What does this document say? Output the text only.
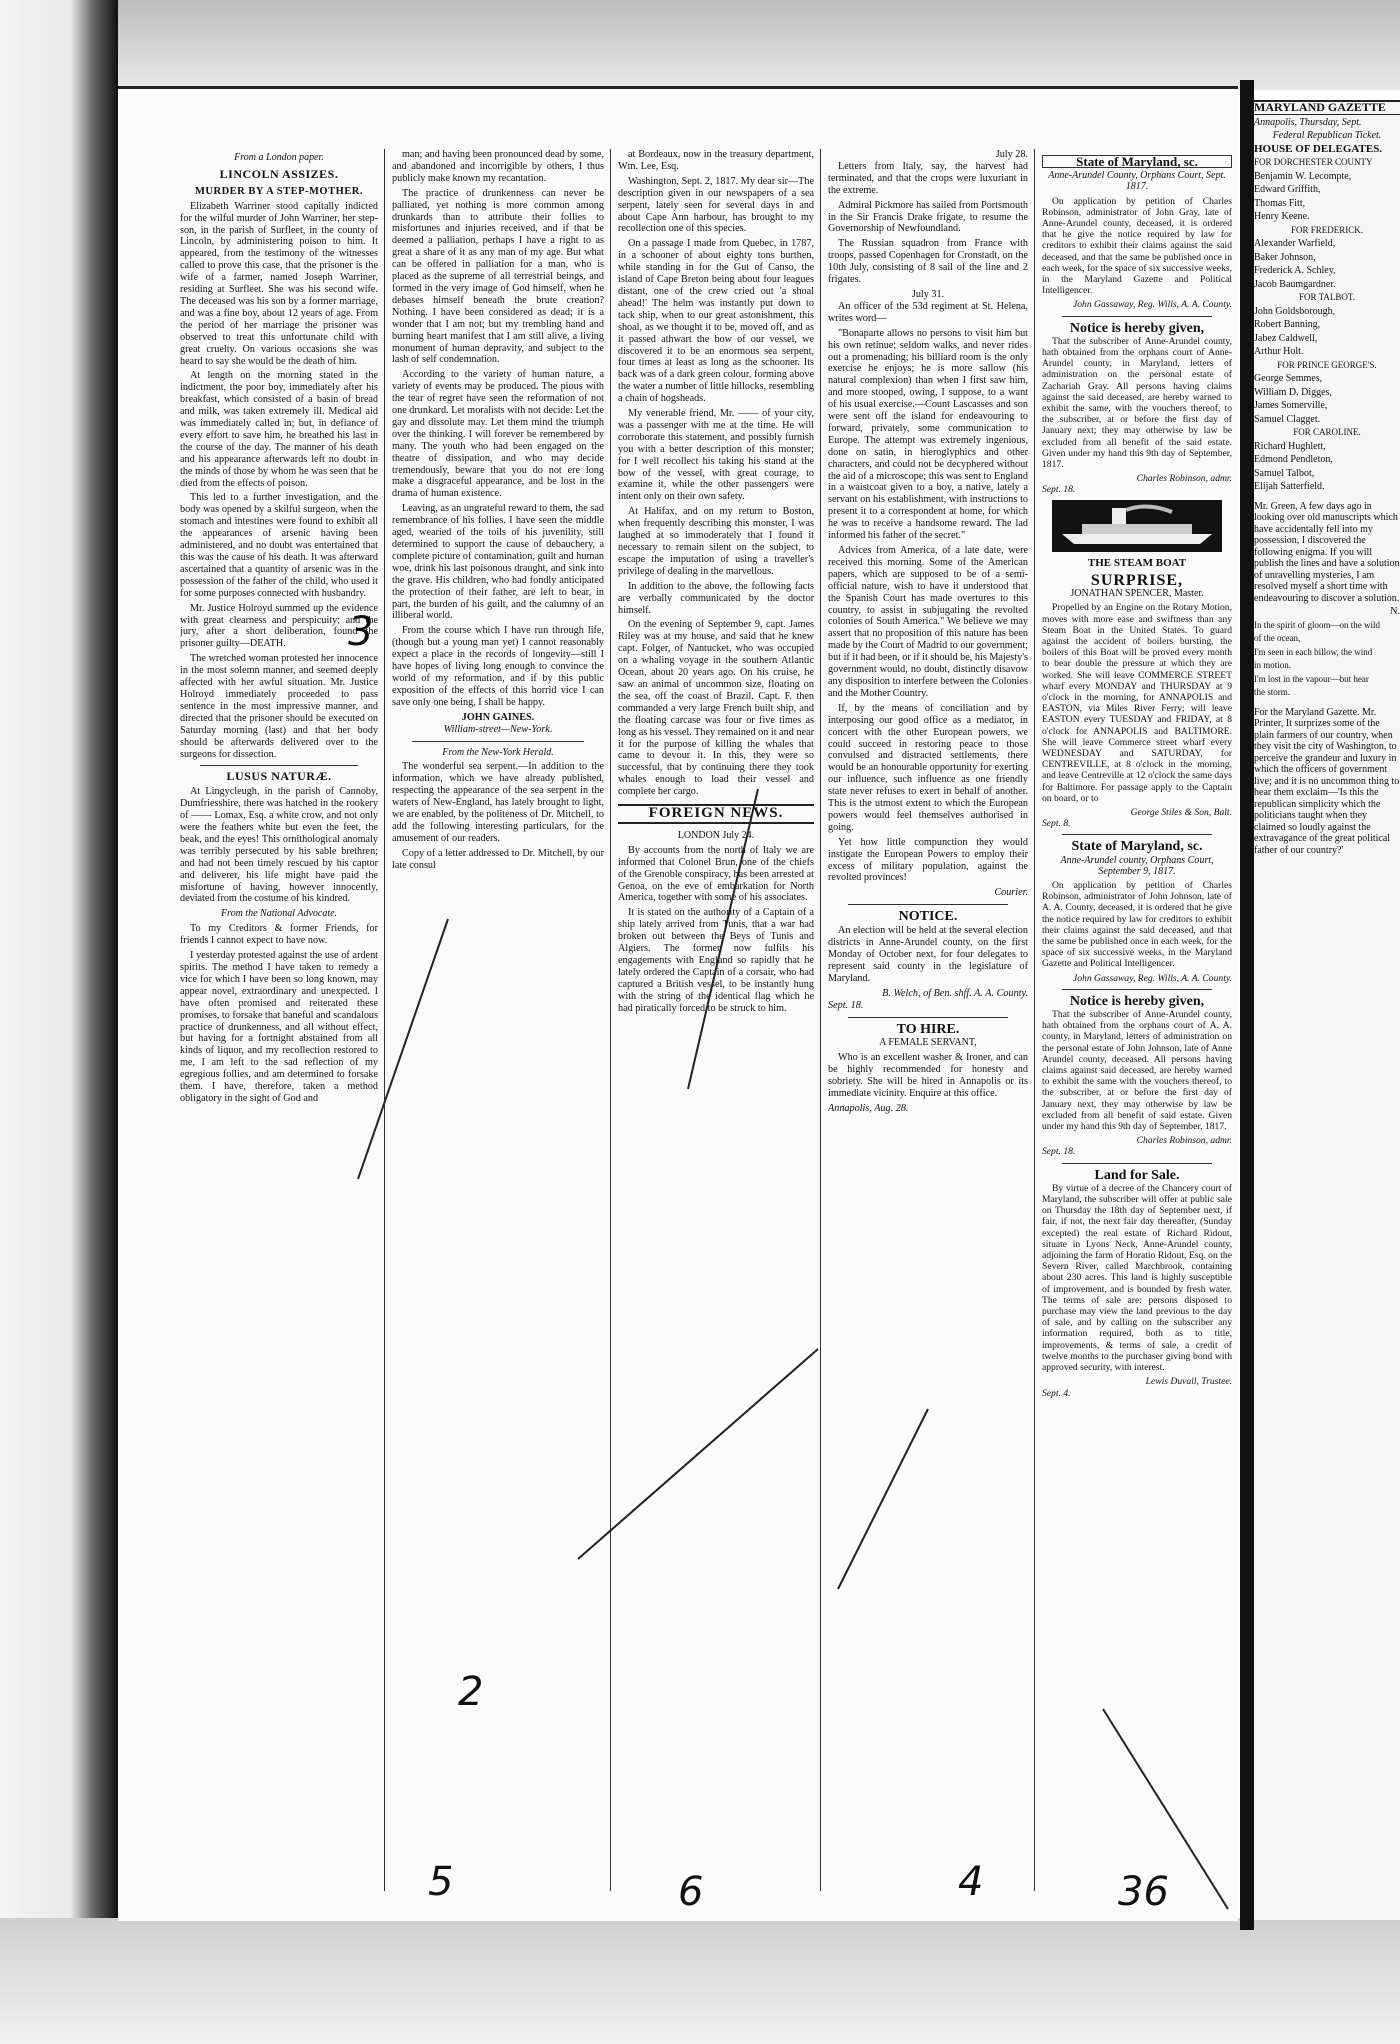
From a London paper.
LINCOLN ASSIZES.
MURDER BY A STEP-MOTHER.

Elizabeth Warriner stood capitally indicted for the wilful murder of John Warriner, her step-son, in the parish of Surfleet, in the county of Lincoln, by administering poison to him. It appeared, from the testimony of the witnesses called to prove this case, that the prisoner is the wife of a farmer, named Joseph Warriner, residing at Surfleet. She was his second wife. The deceased was his son by a former marriage, and was a fine boy, about 12 years of age. From the period of her marriage the prisoner was observed to treat this unfortunate child with great cruelty. On various occasions she was heard to say she would be the death of him.

At length on the morning stated in the indictment, the poor boy, immediately after his breakfast, which consisted of a basin of bread and milk, was taken extremely ill. Medical aid was immediately called in; but, in defiance of every effort to save him, he breathed his last in the course of the day. The manner of his death and his appearance afterwards left no doubt in the minds of those by whom he was seen that he died from the effects of poison.

This led to a further investigation, and the body was opened by a skilful surgeon, when the stomach and intestines were found to exhibit all the appearances of arsenic having been administered, and no doubt was entertained that this was the cause of his death. It was afterward ascertained that a quantity of arsenic was in the possession of the father of the child, who used it for some purposes connected with husbandry.

Mr. Justice Holroyd summed up the evidence with great clearness and perspicuity; and the jury, after a short deliberation, found the prisoner guilty—DEATH.

The wretched woman protested her innocence in the most solemn manner, and seemed deeply affected with her awful situation. Mr. Justice Holroyd immediately proceeded to pass sentence in the most impressive manner, and directed that the prisoner should be executed on Saturday morning (last) and that her body should be afterwards delivered over to the surgeons for dissection.

LUSUS NATURÆ.

At Lingycleugh, in the parish of Cannoby, Dumfriesshire, there was hatched in the rookery of —— Lomax, Esq. a white crow, and not only were the feathers white but even the feet, the beak, and the eyes! This ornithological anomaly was terribly persecuted by his sable brethren; and had not been timely rescued by his captor and deliverer, his life might have paid the misfortune of having, however innocently, deviated from the costume of his kindred.

From the National Advocate.

To my Creditors & former Friends, for friends I cannot expect to have now.

I yesterday protested against the use of ardent spirits. The method I have taken to remedy a vice for which I have been so long known, may appear novel, extraordinary and unexpected. I have often promised and reiterated these promises, to forsake that baneful and scandalous practice of drunkenness, and all without effect, but having for a fortnight abstained from all kinds of liquor, and my recollection restored to me, I am left to the sad reflection of my egregious follies, and am determined to forsake them. I have, therefore, taken a method obligatory in the sight of God and

man; and having been pronounced dead by some, and abandoned and incorrigible by others, I thus publicly make known my recantation.

The practice of drunkenness can never be palliated, yet nothing is more common among drunkards than to attribute their follies to misfortunes and injuries received, and if that be deemed a palliation, perhaps I have a right to as great a share of it as any man of my age. But what can be offered in palliation for a man, who is placed as the supreme of all terrestrial beings, and formed in the very image of God himself, when he debases himself beneath the brute creation? Nothing. I have been considered as dead; it is a wonder that I am not; but my trembling hand and burning heart manifest that I am still alive, a living monument of human depravity, and subject to the lash of self condemnation.

According to the variety of human nature, a variety of events may be produced. The pious with the tear of regret have seen the reformation of not one drunkard. Let moralists with not decide: Let the gay and dissolute may. Let them mind the triumph over the thinking. I will forever be remembered by many. The youth who had been engaged on the theatre of dissipation, and who may decide tremendously, beware that you do not ere long make a disgraceful appearance, and be lost in the drama of human existence.

Leaving, as an ungrateful reward to them, the sad remembrance of his follies. I have seen the middle aged, wearied of the toils of his juvenility, still determined to support the cause of debauchery, a complete picture of contamination, guilt and human woe, drink his last poisonous draught, and sink into the grave. His children, who had fondly anticipated the protection of their father, are left to bear, in part, the burden of his guilt, and the calumny of an illiberal world.

From the course which I have run through life, (though but a young man yet) I cannot reasonably expect a place in the records of longevity—still I have hopes of living long enough to convince the world of my reformation, and if by this public exposition of the effects of this horrid vice I can save only one being, I shall be happy.

JOHN GAINES.
William-street—New-York.
From the New-York Herald.

The wonderful sea serpent.—In addition to the information, which we have already published, respecting the appearance of the sea serpent in the waters of New-England, has lately brought to light, we are enabled, by the politeness of Dr. Mitchell, to add the following interesting particulars, for the amusement of our readers.

Copy of a letter addressed to Dr. Mitchell, by our late consul

at Bordeaux, now in the treasury department, Wm. Lee, Esq.

Washington, Sept. 2, 1817. My dear sir—The description given in our newspapers of a sea serpent, lately seen for several days in and about Cape Ann harbour, has brought to my recollection one of this species.

On a passage I made from Quebec, in 1787, in a schooner of about eighty tons burthen, while standing in for the Gut of Canso, the island of Cape Breton being about four leagues distant, one of the crew cried out 'a shoal ahead!' The helm was instantly put down to tack ship, when to our great astonishment, this shoal, as we thought it to be, moved off, and as it passed athwart the bow of our vessel, we discovered it to be an enormous sea serpent, four times at least as long as the schooner. Its back was of a dark green colour, forming above the water a number of little hillocks, resembling a chain of hogsheads.

My venerable friend, Mr. —— of your city, was a passenger with me at the time. He will corroborate this statement, and possibly furnish you with a better description of this monster; for I well recollect his taking his stand at the bow of the vessel, with great courage, to examine it, while the other passengers were intent only on their own safety.

At Halifax, and on my return to Boston, when frequently describing this monster, I was laughed at so immoderately that I found it necessary to remain silent on the subject, to escape the imputation of using a traveller's privilege of dealing in the marvellous.

In addition to the above, the following facts are verbally communicated by the doctor himself.

On the evening of September 9, capt. James Riley was at my house, and said that he knew capt. Folger, of Nantucket, who was occupied on a whaling voyage in the southern Atlantic Ocean, about 20 years ago. On his cruise, he saw an animal of uncommon size, floating on the sea, off the coast of Brazil. Capt. F. then commanded a very large French built ship, and the floating carcase was four or five times as long as his vessel. They remained on it and near it for the purpose of killing the whales that came to devour it. In this, they were so successful, that by continuing there they took whales enough to load their vessel and complete her cargo.

FOREIGN NEWS.
LONDON July 24.

By accounts from the north of Italy we are informed that Colonel Brun, one of the chiefs of the Grenoble conspiracy, has been arrested at Genoa, on the eve of embarkation for North America, together with some of his associates.

It is stated on the authority of a Captain of a ship lately arrived from Tunis, that a war had broken out between the Beys of Tunis and Algiers. The former now fulfils his engagements with England so rapidly that he lately ordered the Captain of a corsair, who had captured a British vessel, to be instantly hung with the string of the identical flag which he had piratically forced to be struck to him.

July 28.

Letters from Italy, say, the harvest had terminated, and that the crops were luxuriant in the extreme.

Admiral Pickmore has sailed from Portsmouth in the Sir Francis Drake frigate, to resume the Governorship of Newfoundland.

The Russian squadron from France with troops, passed Copenhagen for Cronstadt, on the 10th July, consisting of 8 sail of the line and 2 frigates.

July 31.

An officer of the 53d regiment at St. Helena, writes word—

"Bonaparte allows no persons to visit him but his own retinue; seldom walks, and never rides out a promenading; his billiard room is the only exercise he enjoys; he is more sallow (his natural complexion) than when I first saw him, and more stooped, owing, I suppose, to a want of his usual exercise.—Count Lascasses and son were sent off the island for endeavouring to forward, privately, some communication to Europe. The attempt was extremely ingenious, done on satin, in hieroglyphics and other characters, and could not be decyphered without the aid of a microscope; this was sent to England in a waistcoat given to a boy, a native, lately a servant on his establishment, with instructions to present it to a correspondent at home, for which he was to receive a handsome reward. The lad informed his father of the secret."

Advices from America, of a late date, were received this morning. Some of the American papers, which are supposed to be of a semi-official nature, wish to have it understood that the Spanish Court has made overtures to this country, to assist in subjugating the revolted colonies of South America." We believe we may assert that no proposition of this nature has been made by the Court of Madrid to our government; but if it had been, or if it should be, his Majesty's government would, no doubt, distinctly disavow any disposition to interfere between the Colonies and the Mother Country.

If, by the means of conciliation and by interposing our good office as a mediator, in concert with the other European powers, we could succeed in restoring peace to those convulsed and distracted settlements, there would be an honourable opportunity for exerting our influence, such influence as one friendly state never refuses to exert in behalf of another. This is the utmost extent to which the European powers would feel themselves authorised in going.

Yet how little compunction they would instigate the European Powers to employ their excess of military population, against the revolted provinces!

Courier.
NOTICE.

An election will be held at the several election districts in Anne-Arundel county, on the first Monday of October next, for four delegates to represent said county in the legislature of Maryland.

B. Welch, of Ben. shff. A. A. County.
Sept. 18.
TO HIRE.
A FEMALE SERVANT,

Who is an excellent washer & Ironer, and can be highly recommended for honesty and sobriety. She will be hired in Annapolis or its immediate vicinity. Enquire at this office.

Annapolis, Aug. 28.
State of Maryland, sc.
Anne-Arundel County, Orphans Court, Sept. 1817.

On application by petition of Charles Robinson, administrator of John Gray, late of Anne-Arundel county, deceased, it is ordered that he give the notice required by law for creditors to exhibit their claims against the said deceased, and that the same be published once in each week, for the space of six successive weeks, in the Maryland Gazette and Political Intelligencer.

John Gassaway, Reg. Wills, A. A. County.
Notice is hereby given,

That the subscriber of Anne-Arundel county, hath obtained from the orphans court of Anne-Arundel county, in Maryland, letters of administration on the personal estate of Zachariah Gray. All persons having claims against the said deceased, are hereby warned to exhibit the same, with the vouchers thereof, to the subscriber, at or before the first day of January next; they may otherwise by law be excluded from all benefit of the said estate. Given under my hand this 9th day of September, 1817.

Charles Robinson, admr.
Sept. 18.
THE STEAM BOAT
SURPRISE,
JONATHAN SPENCER, Master.

Propelled by an Engine on the Rotary Motion, moves with more ease and swiftness than any Steam Boat in the United States. To guard against the accident of boilers bursting, the boilers of this Boat will be proved every month to bear double the pressure at which they are worked. She will leave COMMERCE STREET wharf every MONDAY and THURSDAY at 9 o'clock in the morning, for ANNAPOLIS and EASTON, via Miles River Ferry; will leave EASTON every TUESDAY and FRIDAY, at 8 o'clock for ANNAPOLIS and BALTIMORE. She will leave Commerce street wharf every WEDNESDAY and SATURDAY, for CENTREVILLE, at 8 o'clock in the morning, and leave Centreville at 12 o'clock the same days for Baltimore. For passage apply to the Captain on board, or to

George Stiles & Son, Balt.
Sept. 8.
State of Maryland, sc.
Anne-Arundel county, Orphans Court, September 9, 1817.

On application by petition of Charles Robinson, administrator of John Johnson, late of A. A. County, deceased, it is ordered that he give the notice required by law for creditors to exhibit their claims against the said deceased, and that the same be published once in each week, for the space of six successive weeks, in the Maryland Gazette and Political Intelligencer.

John Gassaway, Reg. Wills, A. A. County.
Notice is hereby given,

That the subscriber of Anne-Arundel county, hath obtained from the orphans court of A. A. county, in Maryland, letters of administration on the personal estate of John Johnson, late of Anne Arundel county, deceased. All persons having claims against said deceased, are hereby warned to exhibit the same with the vouchers thereof, to the subscriber, at or before the first day of January next, they may otherwise by law be excluded from all benefit of said estate. Given under my hand this 9th day of September, 1817.

Charles Robinson, admr.
Sept. 18.
Land for Sale.

By virtue of a decree of the Chancery court of Maryland, the subscriber will offer at public sale on Thursday the 18th day of September next, if fair, if not, the next fair day thereafter, (Sunday excepted) the real estate of Richard Ridout, situate in Lyons Neck, Anne-Arundel county, adjoining the farm of Horatio Ridout, Esq. on the Severn River, called Marchbrook, containing about 230 acres. This land is highly susceptible of improvement, and is bounded by fresh water. The terms of sale are: persons disposed to purchase may view the land previous to the day of sale, and by calling on the subscriber any information required, both as to title, improvements, & terms of sale, a credit of twelve months to the purchaser giving bond with approved security, with interest.

Lewis Duvall, Trustee.
Sept. 4.
2
3
5	6	4	36

MARYLAND GAZETTE

Annapolis, Thursday, Sept.

Federal Republican Ticket.

HOUSE OF DELEGATES.

FOR DORCHESTER COUNTY

Benjamin W. Lecompte,

Edward Griffith,

Thomas Fitt,

Henry Keene.

FOR FREDERICK.

Alexander Warfield,

Baker Johnson,

Frederick A. Schley,

Jacob Baumgardner.

FOR TALBOT.

John Goldsborough,

Robert Banning,

Jabez Caldwell,

Arthur Holt.

FOR PRINCE GEORGE'S.

George Semmes,

William D. Digges,

James Somerville,

Samuel Clagget.

FOR CAROLINE.

Richard Hughlett,

Edmond Pendleton,

Samuel Talbot,

Elijah Satterfield.

Mr. Green, A few days ago in looking over old manuscripts which have accidentally fell into my possession, I discovered the following enigma. If you will publish the lines and have a solution of unravelling mysteries, I am resolved myself a short time with endeavouring to discover a solution.

N.

In the spirit of gloom—on the wild

of the ocean,

I'm seen in each billow, the wind

in motion.

I'm lost in the vapour—but hear

the storm.

For the Maryland Gazette. Mr. Printer, It surprizes some of the plain farmers of our country, when they visit the city of Washington, to perceive the grandeur and luxury in which the officers of government live; and it is no uncommon thing to hear them exclaim—'Is this the republican simplicity which the politicians taught when they claimed so loudly against the extravagance of the great political father of our country?'
